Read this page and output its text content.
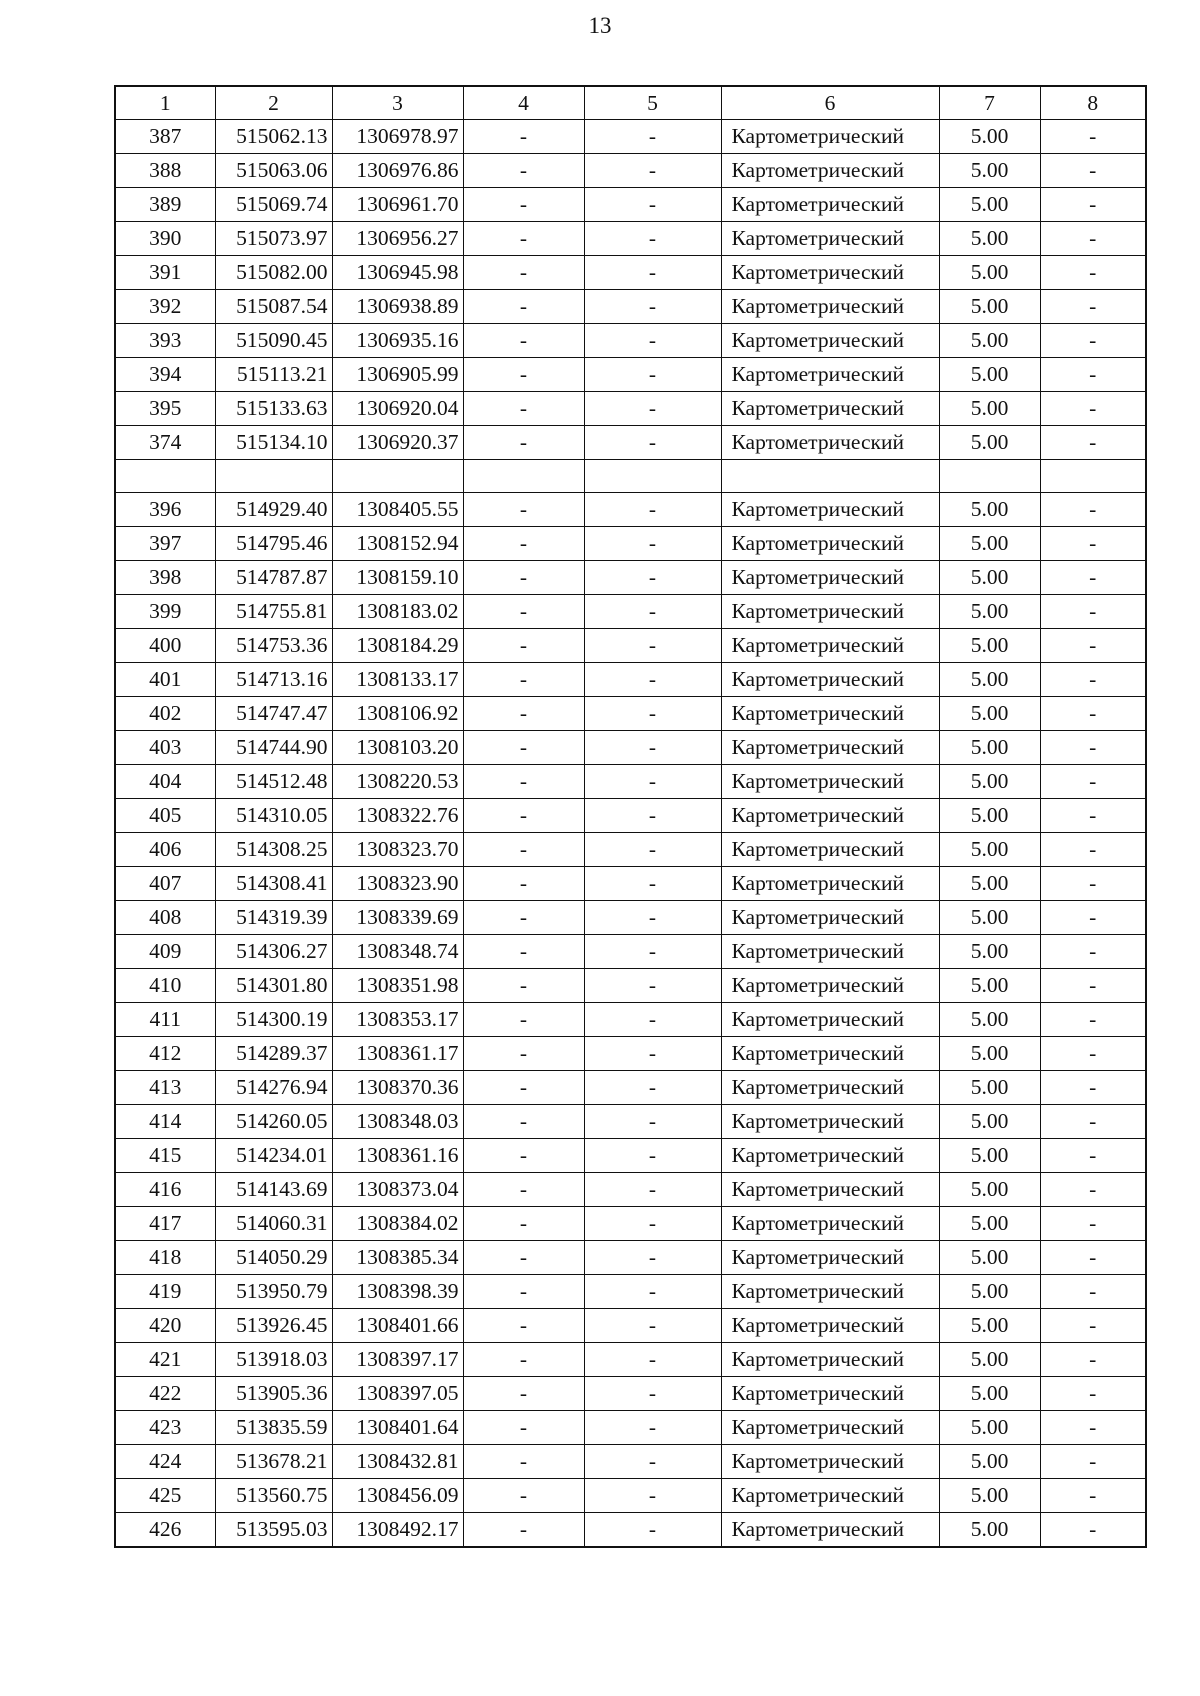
13
1	2	3	4	5	6	7	8
387	515062.13	1306978.97	-	-	Картометрический	5.00	-
388	515063.06	1306976.86	-	-	Картометрический	5.00	-
389	515069.74	1306961.70	-	-	Картометрический	5.00	-
390	515073.97	1306956.27	-	-	Картометрический	5.00	-
391	515082.00	1306945.98	-	-	Картометрический	5.00	-
392	515087.54	1306938.89	-	-	Картометрический	5.00	-
393	515090.45	1306935.16	-	-	Картометрический	5.00	-
394	515113.21	1306905.99	-	-	Картометрический	5.00	-
395	515133.63	1306920.04	-	-	Картометрический	5.00	-
374	515134.10	1306920.37	-	-	Картометрический	5.00	-

396	514929.40	1308405.55	-	-	Картометрический	5.00	-
397	514795.46	1308152.94	-	-	Картометрический	5.00	-
398	514787.87	1308159.10	-	-	Картометрический	5.00	-
399	514755.81	1308183.02	-	-	Картометрический	5.00	-
400	514753.36	1308184.29	-	-	Картометрический	5.00	-
401	514713.16	1308133.17	-	-	Картометрический	5.00	-
402	514747.47	1308106.92	-	-	Картометрический	5.00	-
403	514744.90	1308103.20	-	-	Картометрический	5.00	-
404	514512.48	1308220.53	-	-	Картометрический	5.00	-
405	514310.05	1308322.76	-	-	Картометрический	5.00	-
406	514308.25	1308323.70	-	-	Картометрический	5.00	-
407	514308.41	1308323.90	-	-	Картометрический	5.00	-
408	514319.39	1308339.69	-	-	Картометрический	5.00	-
409	514306.27	1308348.74	-	-	Картометрический	5.00	-
410	514301.80	1308351.98	-	-	Картометрический	5.00	-
411	514300.19	1308353.17	-	-	Картометрический	5.00	-
412	514289.37	1308361.17	-	-	Картометрический	5.00	-
413	514276.94	1308370.36	-	-	Картометрический	5.00	-
414	514260.05	1308348.03	-	-	Картометрический	5.00	-
415	514234.01	1308361.16	-	-	Картометрический	5.00	-
416	514143.69	1308373.04	-	-	Картометрический	5.00	-
417	514060.31	1308384.02	-	-	Картометрический	5.00	-
418	514050.29	1308385.34	-	-	Картометрический	5.00	-
419	513950.79	1308398.39	-	-	Картометрический	5.00	-
420	513926.45	1308401.66	-	-	Картометрический	5.00	-
421	513918.03	1308397.17	-	-	Картометрический	5.00	-
422	513905.36	1308397.05	-	-	Картометрический	5.00	-
423	513835.59	1308401.64	-	-	Картометрический	5.00	-
424	513678.21	1308432.81	-	-	Картометрический	5.00	-
425	513560.75	1308456.09	-	-	Картометрический	5.00	-
426	513595.03	1308492.17	-	-	Картометрический	5.00	-
